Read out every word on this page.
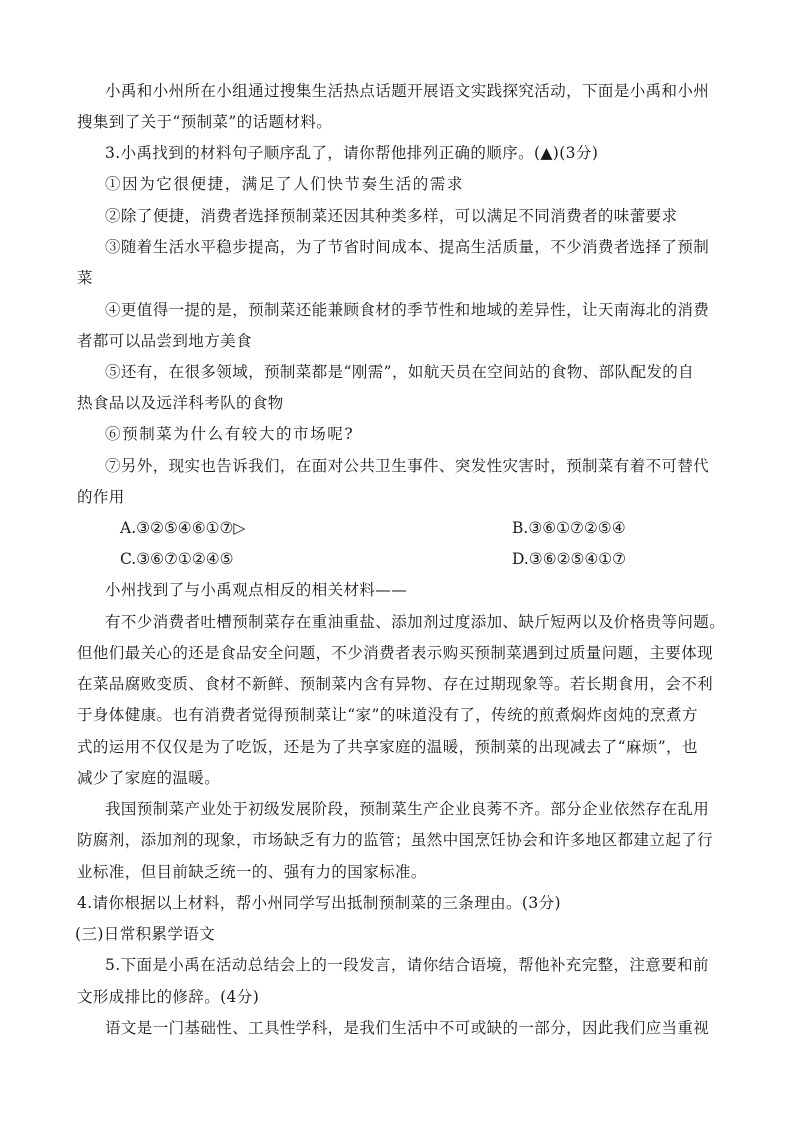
小禹和小州所在小组通过搜集生活热点话题开展语文实践探究活动，下面是小禹和小州
搜集到了关于“预制菜”的话题材料。
3.小禹找到的材料句子顺序乱了，请你帮他排列正确的顺序。(▲)(3分)
①因为它很便捷，满足了人们快节奏生活的需求
②除了便捷，消费者选择预制菜还因其种类多样，可以满足不同消费者的味蕾要求
③随着生活水平稳步提高，为了节省时间成本、提高生活质量，不少消费者选择了预制
菜
④更值得一提的是，预制菜还能兼顾食材的季节性和地域的差异性，让天南海北的消费
者都可以品尝到地方美食
⑤还有，在很多领域，预制菜都是“刚需”，如航天员在空间站的食物、部队配发的自
热食品以及远洋科考队的食物
⑥预制菜为什么有较大的市场呢?
⑦另外，现实也告诉我们，在面对公共卫生事件、突发性灾害时，预制菜有着不可替代
的作用
A.③②⑤④⑥①⑦▷	B.③⑥①⑦②⑤④
C.③⑥⑦①②④⑤	D.③⑥②⑤④①⑦
小州找到了与小禹观点相反的相关材料——
有不少消费者吐槽预制菜存在重油重盐、添加剂过度添加、缺斤短两以及价格贵等问题。
但他们最关心的还是食品安全问题，不少消费者表示购买预制菜遇到过质量问题，主要体现
在菜品腐败变质、食材不新鲜、预制菜内含有异物、存在过期现象等。若长期食用，会不利
于身体健康。也有消费者觉得预制菜让“家”的味道没有了，传统的煎煮焖炸卤炖的烹煮方
式的运用不仅仅是为了吃饭，还是为了共享家庭的温暖，预制菜的出现减去了“麻烦”，也
减少了家庭的温暖。
我国预制菜产业处于初级发展阶段，预制菜生产企业良莠不齐。部分企业依然存在乱用
防腐剂，添加剂的现象，市场缺乏有力的监管；虽然中国烹饪协会和许多地区都建立起了行
业标准，但目前缺乏统一的、强有力的国家标准。
4.请你根据以上材料，帮小州同学写出抵制预制菜的三条理由。(3分)
(三)日常积累学语文
5.下面是小禹在活动总结会上的一段发言，请你结合语境，帮他补充完整，注意要和前
文形成排比的修辞。(4分)
语文是一门基础性、工具性学科，是我们生活中不可或缺的一部分，因此我们应当重视
